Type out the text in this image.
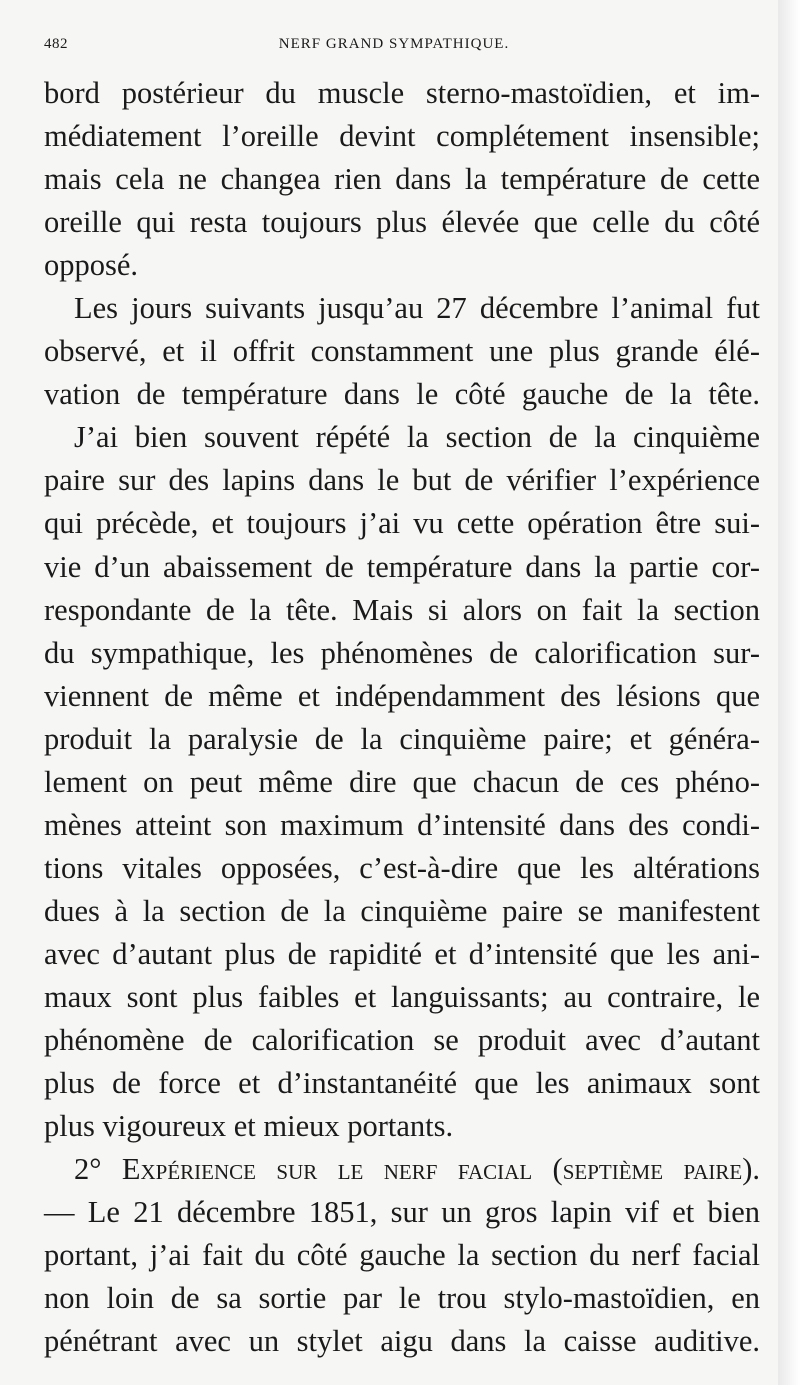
482	NERF GRAND SYMPATHIQUE.

bord postérieur du muscle sterno-mastoïdien, et im-
médiatement l’oreille devint complétement insensible;
mais cela ne changea rien dans la température de cette
oreille qui resta toujours plus élevée que celle du côté
opposé.

Les jours suivants jusqu’au 27 décembre l’animal fut
observé, et il offrit constamment une plus grande élé-
vation de température dans le côté gauche de la tête.

J’ai bien souvent répété la section de la cinquième
paire sur des lapins dans le but de vérifier l’expérience
qui précède, et toujours j’ai vu cette opération être sui-
vie d’un abaissement de température dans la partie cor-
respondante de la tête. Mais si alors on fait la section
du sympathique, les phénomènes de calorification sur-
viennent de même et indépendamment des lésions que
produit la paralysie de la cinquième paire; et généra-
lement on peut même dire que chacun de ces phéno-
mènes atteint son maximum d’intensité dans des condi-
tions vitales opposées, c’est-à-dire que les altérations
dues à la section de la cinquième paire se manifestent
avec d’autant plus de rapidité et d’intensité que les ani-
maux sont plus faibles et languissants; au contraire, le
phénomène de calorification se produit avec d’autant
plus de force et d’instantanéité que les animaux sont
plus vigoureux et mieux portants.

2° Expérience sur le nerf facial (septième paire).
— Le 21 décembre 1851, sur un gros lapin vif et bien
portant, j’ai fait du côté gauche la section du nerf facial
non loin de sa sortie par le trou stylo-mastoïdien, en
pénétrant avec un stylet aigu dans la caisse auditive.
